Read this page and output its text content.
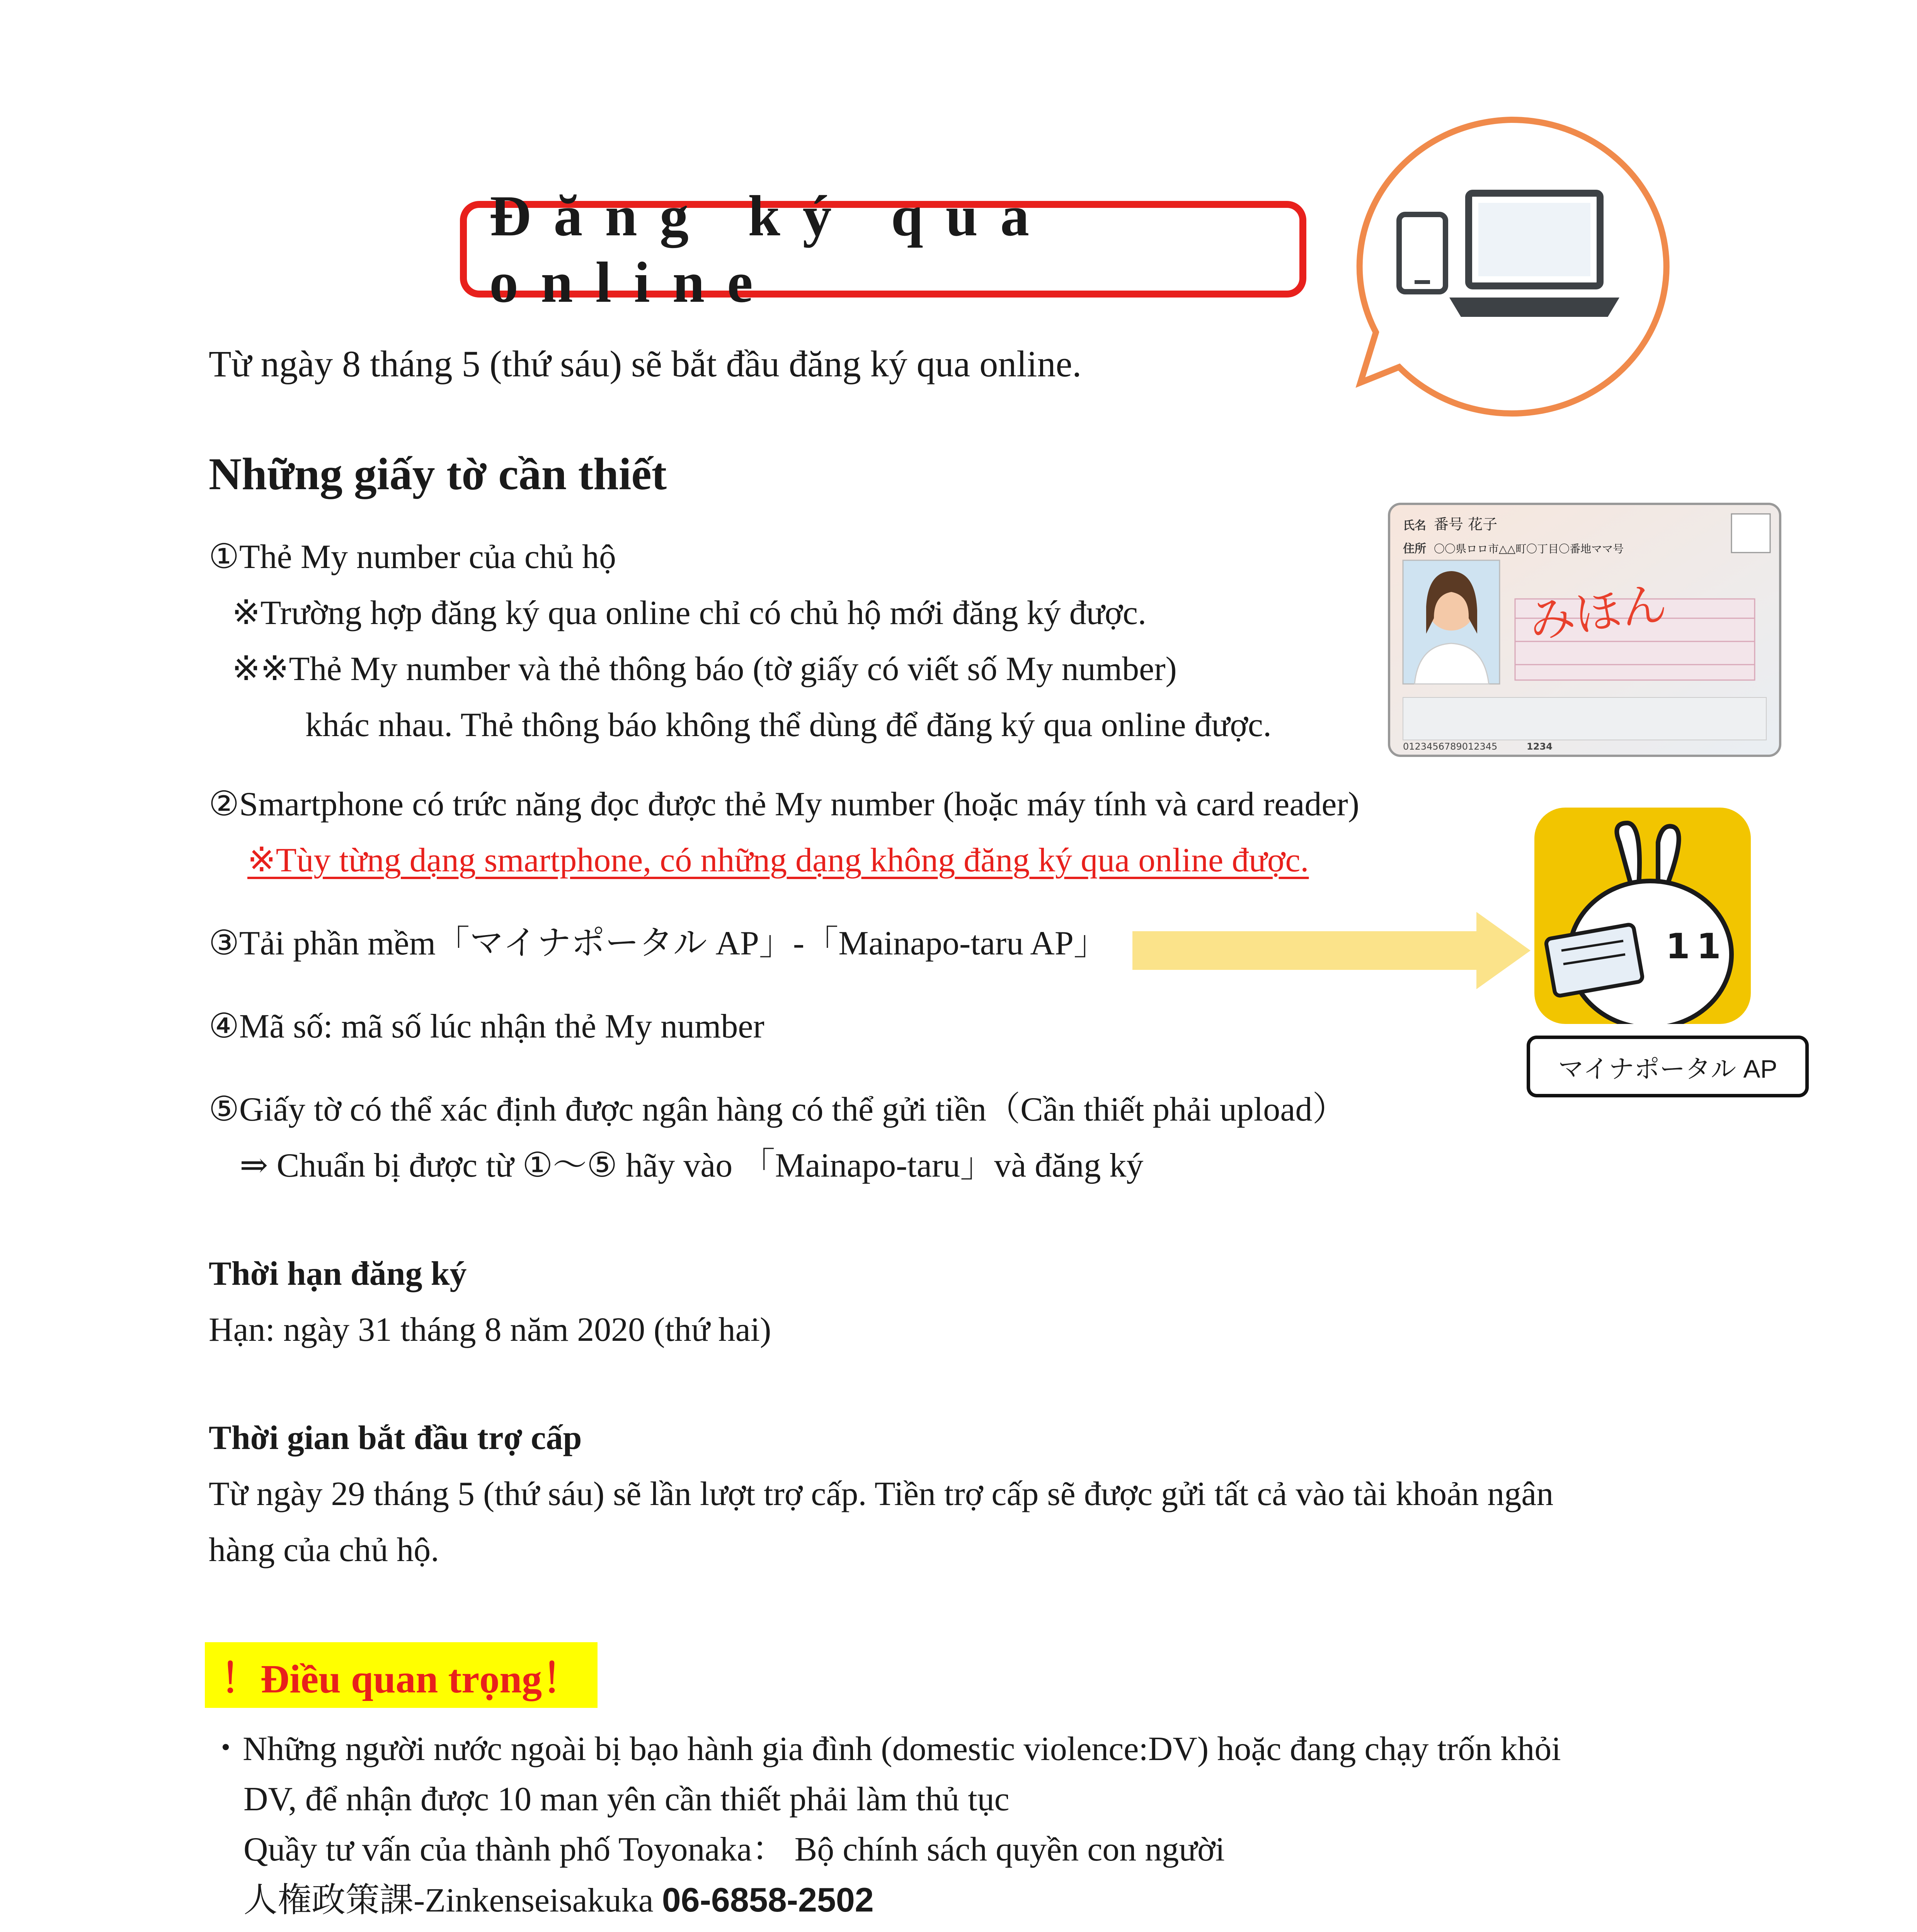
Đăng ký qua online
Từ ngày 8 tháng 5 (thứ sáu) sẽ bắt đầu đăng ký qua online.
Những giấy tờ cần thiết
①Thẻ My number của chủ hộ
※Trường hợp đăng ký qua online chỉ có chủ hộ mới đăng ký được.
※※Thẻ My number và thẻ thông báo (tờ giấy có viết số My number)
khác nhau. Thẻ thông báo không thể dùng để đăng ký qua online được.
氏名 番号 花子
住所 〇〇県ロロ市△△町〇丁目〇番地ママ号
みほん
0123456789012345	1234
②Smartphone có trức năng đọc được thẻ My number (hoặc máy tính và card reader)
※Tùy từng dạng smartphone, có những dạng không đăng ký qua online được.
③Tải phần mềm「マイナポータル AP」-「Mainapo-taru AP」	1 1
マイナポータル AP
④Mã số: mã số lúc nhận thẻ My number
⑤Giấy tờ có thể xác định được ngân hàng có thể gửi tiền（Cần thiết phải upload）
⇒ Chuẩn bị được từ ①～⑤ hãy vào 「Mainapo-taru」và đăng ký
Thời hạn đăng ký
Hạn: ngày 31 tháng 8 năm 2020 (thứ hai)
Thời gian bắt đầu trợ cấp
Từ ngày 29 tháng 5 (thứ sáu) sẽ lần lượt trợ cấp. Tiền trợ cấp sẽ được gửi tất cả vào tài khoản ngân
hàng của chủ hộ.
！Điều quan trọng！
・Những người nước ngoài bị bạo hành gia đình (domestic violence:DV) hoặc đang chạy trốn khỏi
DV, để nhận được 10 man yên cần thiết phải làm thủ tục
Quầy tư vấn của thành phố Toyonaka： Bộ chính sách quyền con người
人権政策課-Zinkenseisakuka 06-6858-2502
